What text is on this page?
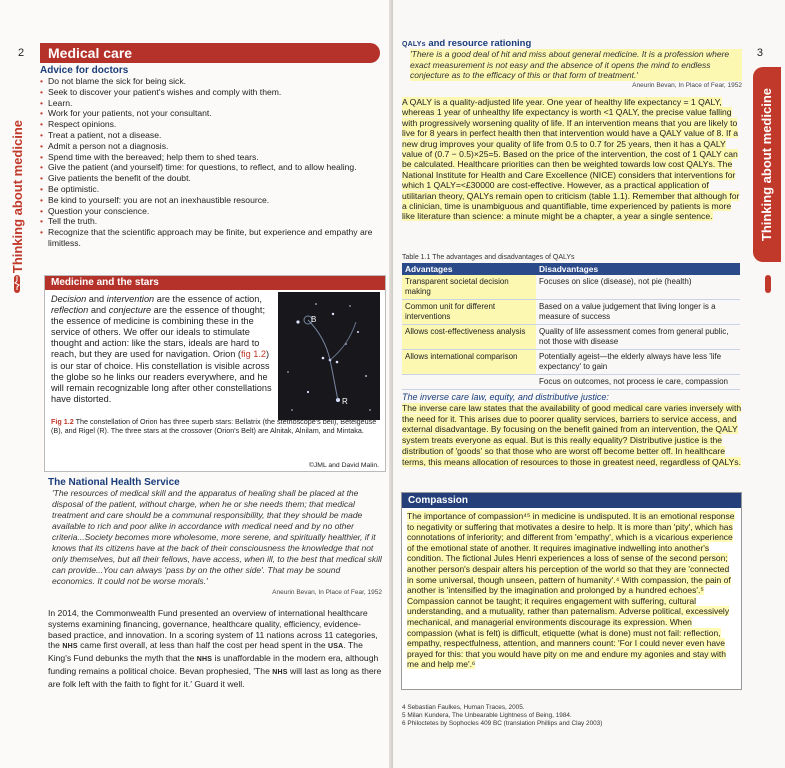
2
Thinking about medicine
3
Thinking about medicine
Medical care
Advice for doctors
• Do not blame the sick for being sick.
• Seek to discover your patient's wishes and comply with them.
• Learn.
• Work for your patients, not your consultant.
• Respect opinions.
• Treat a patient, not a disease.
• Admit a person not a diagnosis.
• Spend time with the bereaved; help them to shed tears.
• Give the patient (and yourself) time: for questions, to reflect, and to allow healing.
• Give patients the benefit of the doubt.
• Be optimistic.
• Be kind to yourself: you are not an inexhaustible resource.
• Question your conscience.
• Tell the truth.
• Recognize that the scientific approach may be finite, but experience and empathy are limitless.
Medicine and the stars
Decision and intervention are the essence of action, reflection and conjecture are the essence of thought; the essence of medicine is combining these in the service of others. We offer our ideals to stimulate thought and action: like the stars, ideals are hard to reach, but they are used for navigation. Orion (fig 1.2) is our star of choice. His constellation is visible across the globe so he links our readers everywhere, and he will remain recognizable long after other constellations have distorted.
B
R
Fig 1.2 The constellation of Orion has three superb stars: Bellatrix (the stethoscope's bell), Betelgeuse (B), and Rigel (R). The three stars at the crossover (Orion's Belt) are Alnitak, Alnilam, and Mintaka.
©JML and David Malin.
The National Health Service
'The resources of medical skill and the apparatus of healing shall be placed at the disposal of the patient, without charge, when he or she needs them; that medical treatment and care should be a communal responsibility, that they should be made available to rich and poor alike in accordance with medical need and by no other criteria...Society becomes more wholesome, more serene, and spiritually healthier, if it knows that its citizens have at the back of their consciousness the knowledge that not only themselves, but all their fellows, have access, when ill, to the best that medical skill can provide...You can always 'pass by on the other side'. That may be sound economics. It could not be worse morals.'
Aneurin Bevan, In Place of Fear, 1952
In 2014, the Commonwealth Fund presented an overview of international healthcare systems examining financing, governance, healthcare quality, efficiency, evidence-based practice, and innovation. In a scoring system of 11 nations across 11 categories, the NHS came first overall, at less than half the cost per head spent in the USA. The King's Fund debunks the myth that the NHS is unaffordable in the modern era, although funding remains a political choice. Bevan prophesied, 'The NHS will last as long as there are folk left with the faith to fight for it.' Guard it well.
QALYs and resource rationing
'There is a good deal of hit and miss about general medicine. It is a profession where exact measurement is not easy and the absence of it opens the mind to endless conjecture as to the efficacy of this or that form of treatment.'
Aneurin Bevan, In Place of Fear, 1952
A QALY is a quality-adjusted life year. One year of healthy life expectancy = 1 QALY, whereas 1 year of unhealthy life expectancy is worth <1 QALY, the precise value falling with progressively worsening quality of life. If an intervention means that you are likely to live for 8 years in perfect health then that intervention would have a QALY value of 8. If a new drug improves your quality of life from 0.5 to 0.7 for 25 years, then it has a QALY value of (0.7 − 0.5)×25=5. Based on the price of the intervention, the cost of 1 QALY can be calculated. Healthcare priorities can then be weighted towards low cost QALYs. The National Institute for Health and Care Excellence (NICE) considers that interventions for which 1 QALY=<£30000 are cost-effective. However, as a practical application of utilitarian theory, QALYs remain open to criticism (table 1.1). Remember that although for a clinician, time is unambiguous and quantifiable, time experienced by patients is more like literature than science: a minute might be a chapter, a year a single sentence.
Table 1.1 The advantages and disadvantages of QALYs
Advantages	Disadvantages
Transparent societal decision making	Focuses on slice (disease), not pie (health)
Common unit for different interventions	Based on a value judgement that living longer is a measure of success
Allows cost-effectiveness analysis	Quality of life assessment comes from general public, not those with disease
Allows international comparison	Potentially ageist—the elderly always have less 'life expectancy' to gain
	Focus on outcomes, not process ie care, compassion
The inverse care law, equity, and distributive justice:
The inverse care law states that the availability of good medical care varies inversely with the need for it. This arises due to poorer quality services, barriers to service access, and external disadvantage. By focusing on the benefit gained from an intervention, the QALY system treats everyone as equal. But is this really equality? Distributive justice is the distribution of 'goods' so that those who are worst off become better off. In healthcare terms, this means allocation of resources to those in greatest need, regardless of QALYs.
Compassion
The importance of compassion⁴⁵ in medicine is undisputed. It is an emotional response to negativity or suffering that motivates a desire to help. It is more than 'pity', which has connotations of inferiority; and different from 'empathy', which is a vicarious experience of the emotional state of another. It requires imaginative indwelling into another's condition. The fictional Jules Henri experiences a loss of sense of the second person; another person's despair alters his perception of the world so that they are 'connected in some universal, though unseen, pattern of humanity'.⁴ With compassion, the pain of another is 'intensified by the imagination and prolonged by a hundred echoes'.⁵ Compassion cannot be taught; it requires engagement with suffering, cultural understanding, and a mutuality, rather than paternalism. Adverse political, excessively mechanical, and managerial environments discourage its expression. When compassion (what is felt) is difficult, etiquette (what is done) must not fail: reflection, empathy, respectfulness, attention, and manners count: 'For I could never even have prayed for this: that you would have pity on me and endure my agonies and stay with me and help me'.⁶
4 Sebastian Faulkes, Human Traces, 2005.
5 Milan Kundera, The Unbearable Lightness of Being, 1984.
6 Philoctetes by Sophocles 409 BC (translation Phillips and Clay 2003)
